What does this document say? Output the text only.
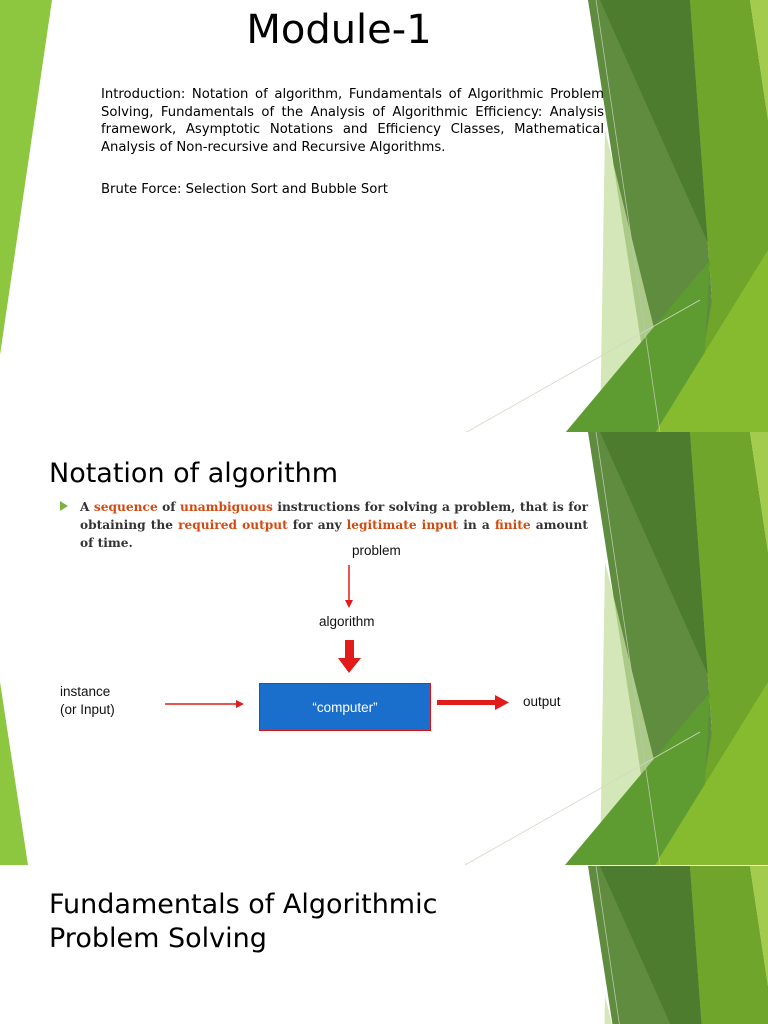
Module-1

Introduction: Notation of algorithm, Fundamentals of Algorithmic Problem Solving, Fundamentals of the Analysis of Algorithmic Efficiency: Analysis framework, Asymptotic Notations and Efficiency Classes, Mathematical Analysis of Non-recursive and Recursive Algorithms.

Brute Force: Selection Sort and Bubble Sort

Notation of algorithm

A sequence of unambiguous instructions for solving a problem, that is for obtaining the required output for any legitimate input in a finite amount of time.	problem
algorithm
instance
(or Input)	“computer”	output
Fundamentals of Algorithmic
Problem Solving
